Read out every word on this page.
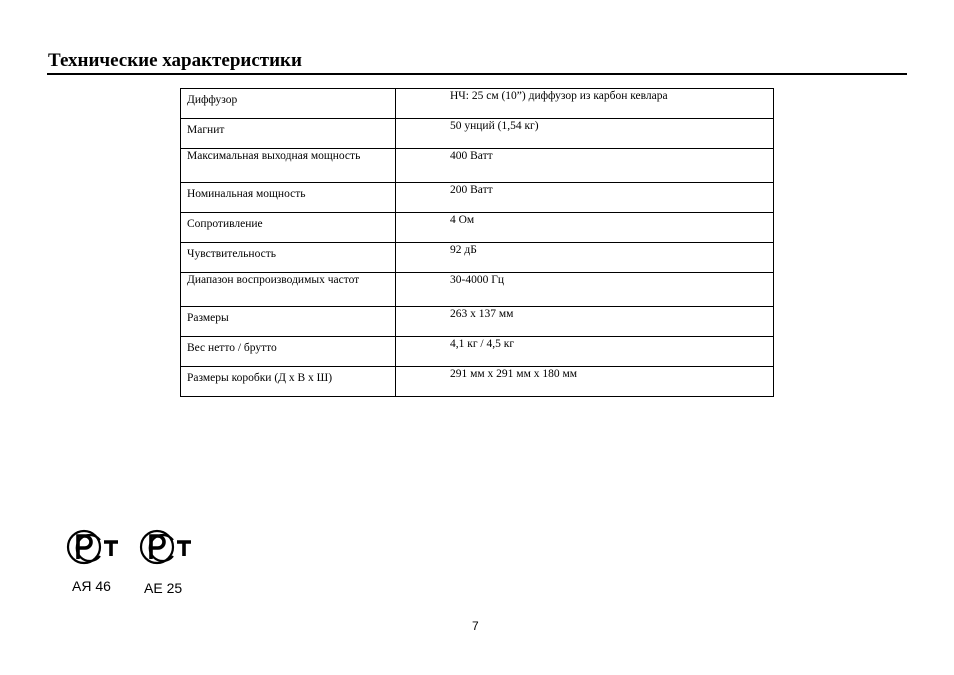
Технические характеристики
Диффузор	НЧ: 25 см (10”) диффузор из карбон кевлара
Магнит	50 унций (1,54 кг)
Максимальная выходная мощность	400 Ватт
Номинальная мощность	200 Ватт
Сопротивление	4 Ом
Чувствительность	92 дБ
Диапазон воспроизводимых частот	30-4000 Гц
Размеры	263 х 137 мм
Вес нетто / брутто	4,1 кг / 4,5 кг
Размеры коробки (Д х В х Ш)	291 мм х 291 мм х 180 мм
АЯ 46 АЕ 25
7
